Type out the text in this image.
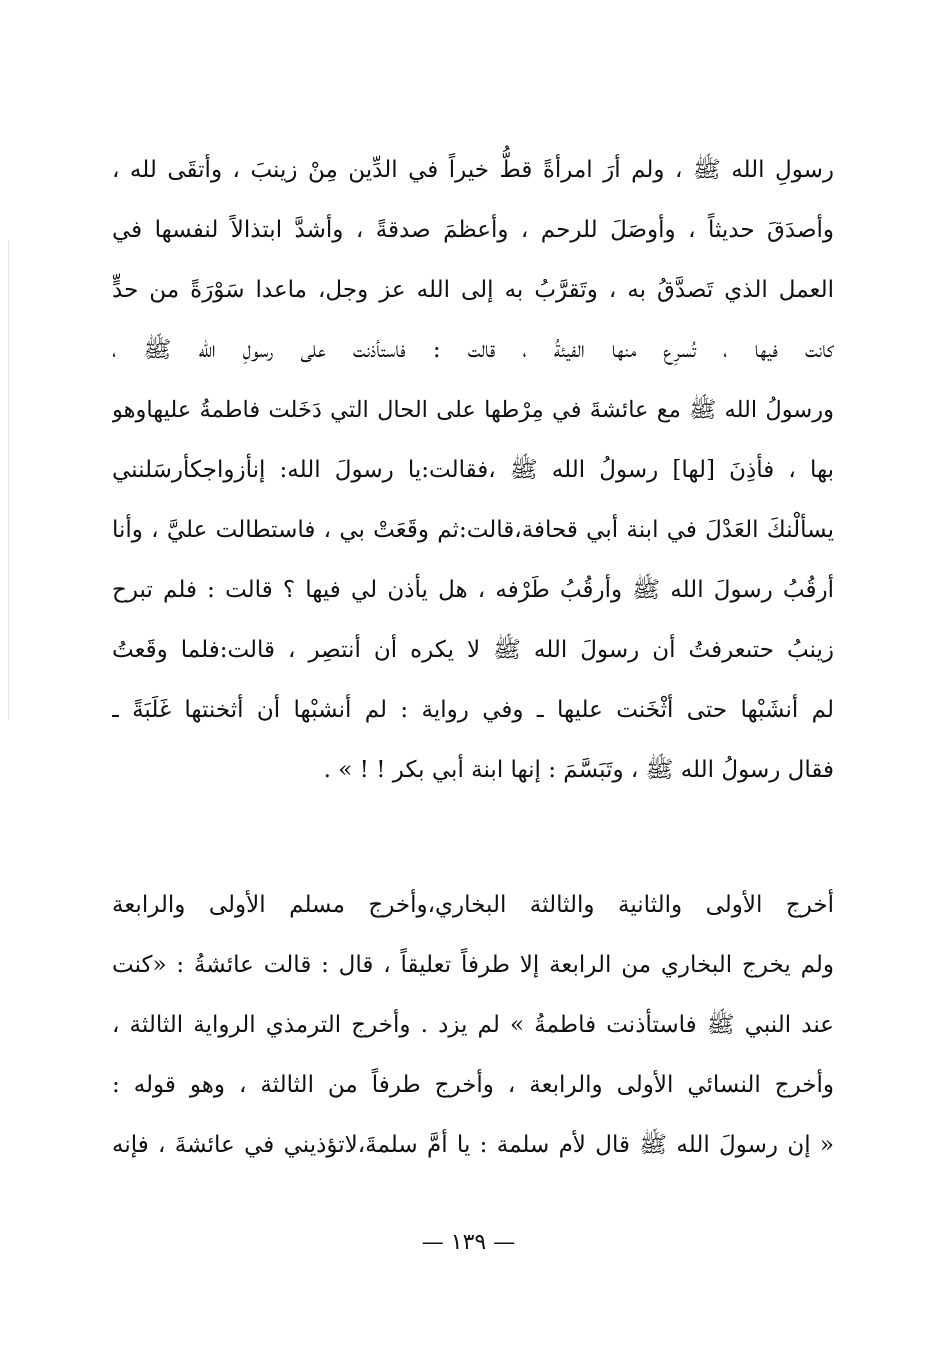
رسولِ الله ﷺ ، ولم أرَ امرأةً قطُّ خيراً في الدِّين مِنْ زينبَ ، وأتقَى لله ،
وأصدَقَ حديثاً ، وأوصَلَ للرحم ، وأعظمَ صدقةً ، وأشدَّ ابتذالاً لنفسها في
العمل الذي تَصدَّقُ به ، وتَقرَّبُ به إلى الله عز وجل، ماعدا سَوْرَةً من حدٍّ
كانت فيها ، تُسرِع منها الفيئةُ ، قالت : فاستأذنت على رسولِ الله ﷺ ،
ورسولُ الله ﷺ مع عائشةَ في مِرْطها على الحال التي دَخَلت فاطمةُ عليهاوهو
بها ، فأذِنَ [لها] رسولُ الله ﷺ ،فقالت:يا رسولَ الله: إنأزواجكأرسَلنني
يسألْنكَ العَدْلَ في ابنة أبي قحافة،قالت:ثم وقَعَتْ بي ، فاستطالت عليَّ ، وأنا
أرقُبُ رسولَ الله ﷺ وأرقُبُ طَرْفه ، هل يأذن لي فيها ؟ قالت : فلم تبرح
زينبُ حتىعرفتُ أن رسولَ الله ﷺ لا يكره أن أنتصِر ، قالت:فلما وقَعتُ
لم أنشَبْها حتى أثْخَنت عليها ـ وفي رواية : لم أنشبْها أن أثخنتها غَلَبَةً ـ
فقال رسولُ الله ﷺ ، وتَبَسَّمَ : إنها ابنة أبي بكر ! ! » .
أخرج الأولى والثانية والثالثة البخاري،وأخرج مسلم الأولى والرابعة
ولم يخرج البخاري من الرابعة إلا طرفاً تعليقاً ، قال : قالت عائشةُ : «كنت
عند النبي ﷺ فاستأذنت فاطمةُ » لم يزد . وأخرج الترمذي الرواية الثالثة ،
وأخرج النسائي الأولى والرابعة ، وأخرج طرفاً من الثالثة ، وهو قوله :
« إن رسولَ الله ﷺ قال لأم سلمة : يا أمَّ سلمةَ،لاتؤذيني في عائشةَ ، فإنه
— ١٣٩ —
